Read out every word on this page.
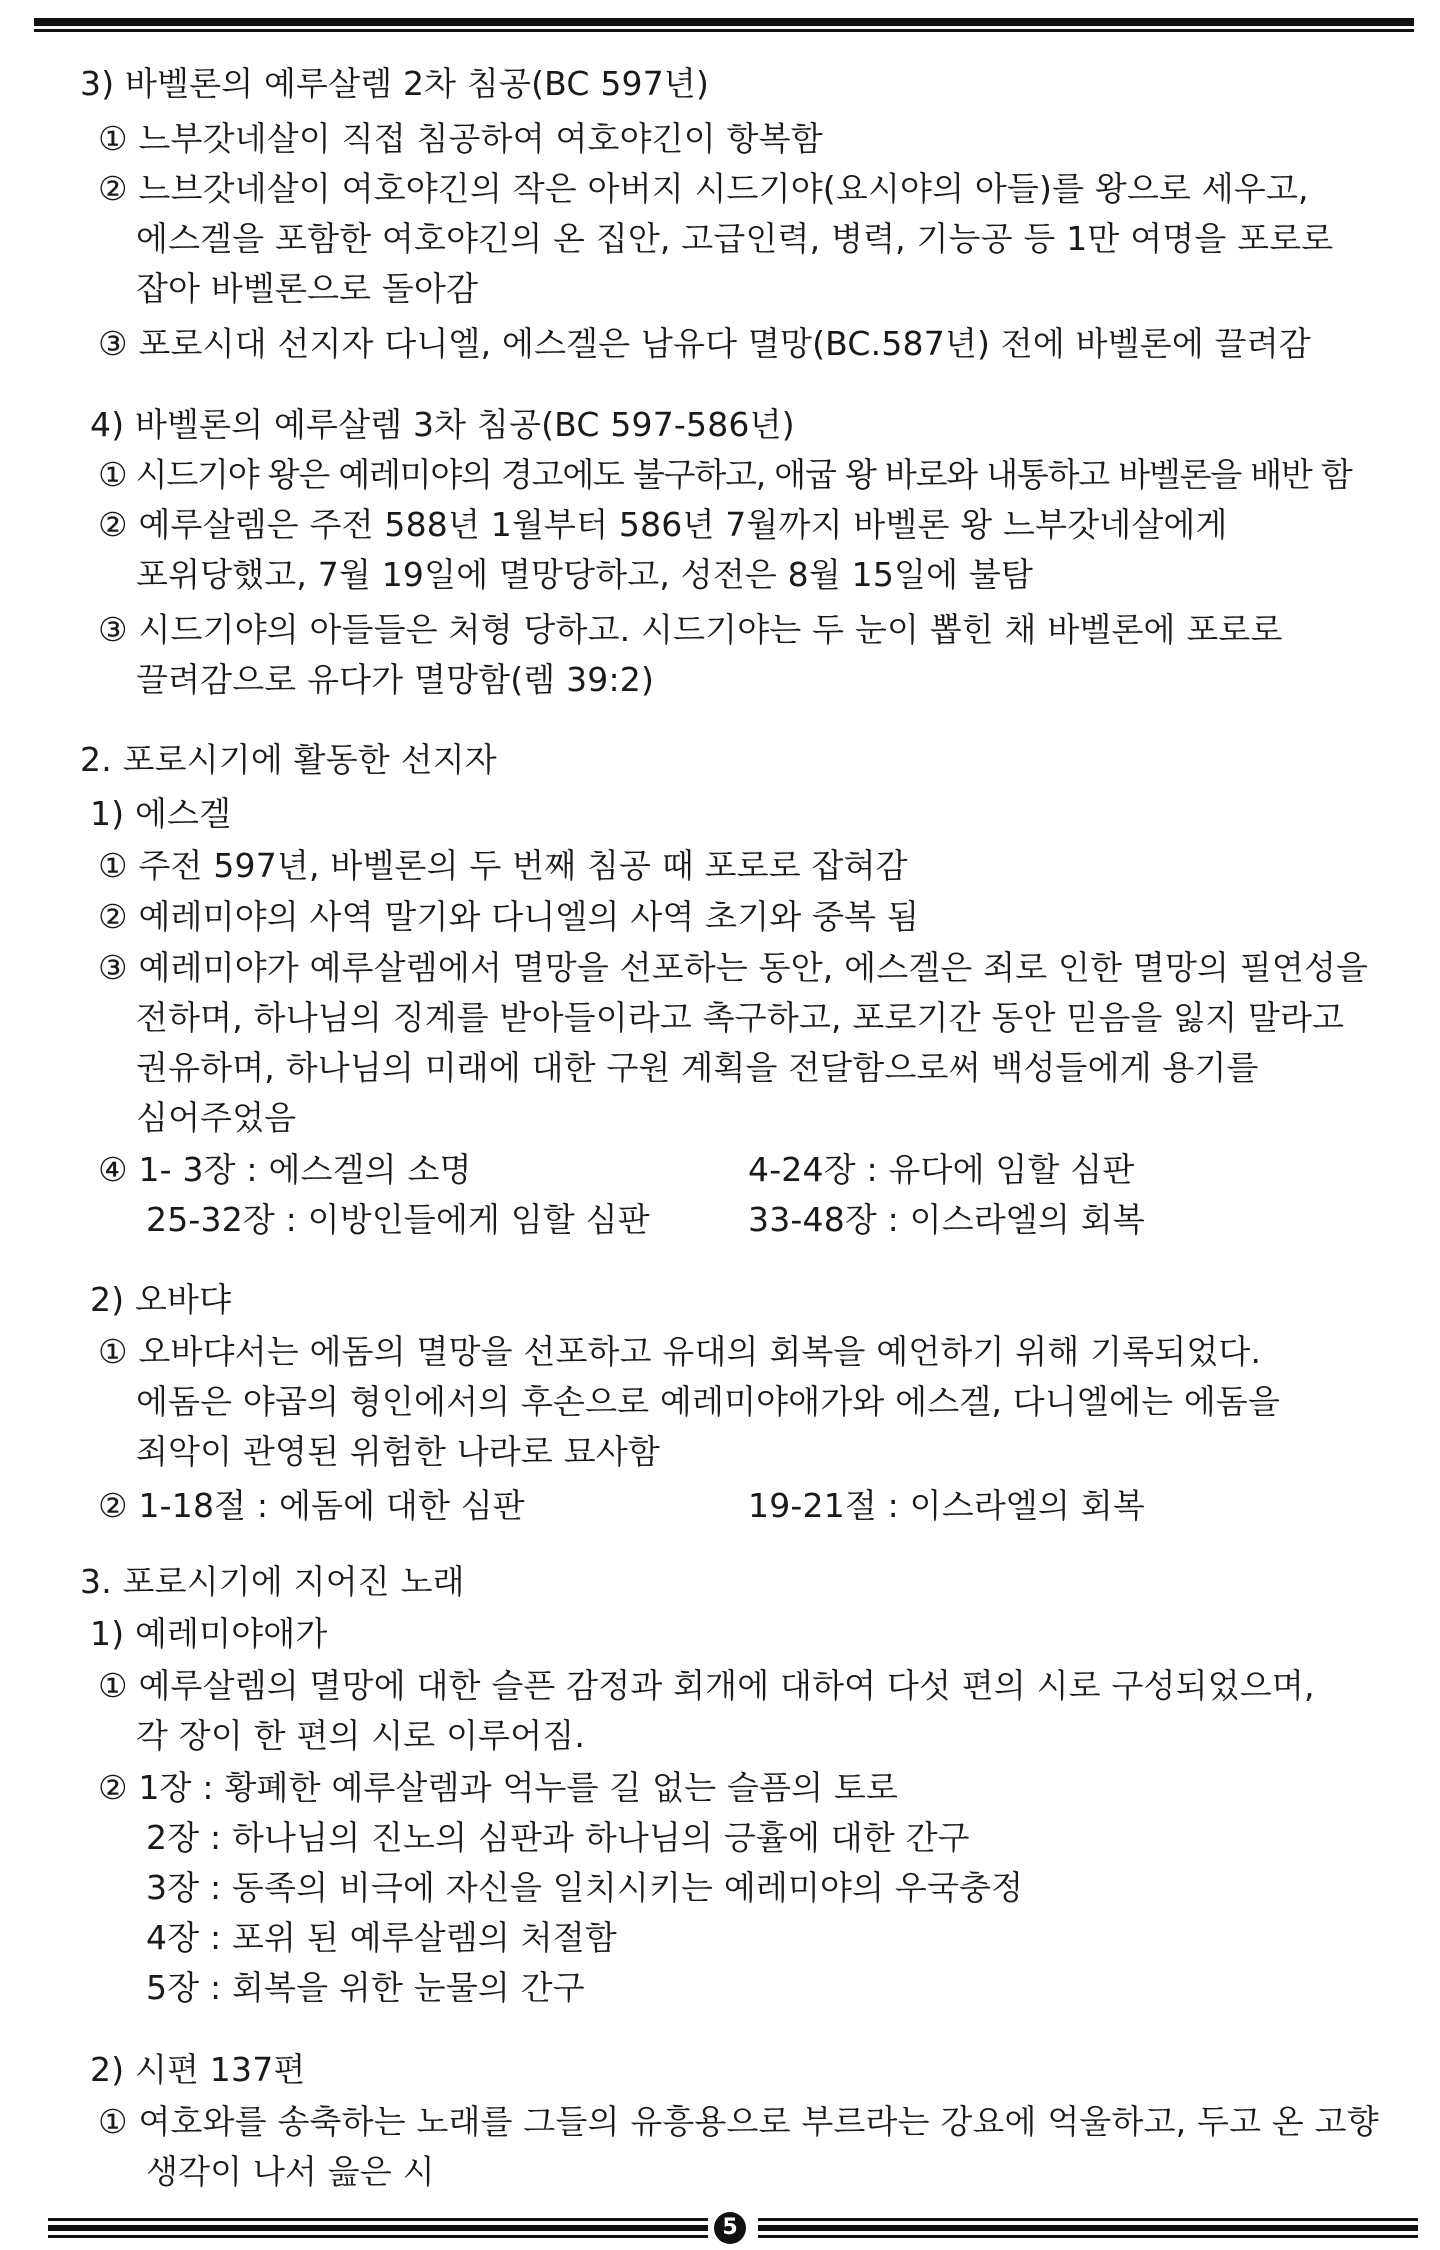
3) 바벨론의 예루살렘 2차 침공(BC 597년)
① 느부갓네살이 직접 침공하여 여호야긴이 항복함
② 느브갓네살이 여호야긴의 작은 아버지 시드기야(요시야의 아들)를 왕으로 세우고,
에스겔을 포함한 여호야긴의 온 집안, 고급인력, 병력, 기능공 등 1만 여명을 포로로
잡아 바벨론으로 돌아감
③ 포로시대 선지자 다니엘, 에스겔은 남유다 멸망(BC.587년) 전에 바벨론에 끌려감
4) 바벨론의 예루살렘 3차 침공(BC 597-586년)
① 시드기야 왕은 예레미야의 경고에도 불구하고, 애굽 왕 바로와 내통하고 바벨론을 배반 함
② 예루살렘은 주전 588년 1월부터 586년 7월까지 바벨론 왕 느부갓네살에게
포위당했고, 7월 19일에 멸망당하고, 성전은 8월 15일에 불탐
③ 시드기야의 아들들은 처형 당하고. 시드기야는 두 눈이 뽑힌 채 바벨론에 포로로
끌려감으로 유다가 멸망함(렘 39:2)
2. 포로시기에 활동한 선지자
1) 에스겔
① 주전 597년, 바벨론의 두 번째 침공 때 포로로 잡혀감
② 예레미야의 사역 말기와 다니엘의 사역 초기와 중복 됨
③ 예레미야가 예루살렘에서 멸망을 선포하는 동안, 에스겔은 죄로 인한 멸망의 필연성을
전하며, 하나님의 징계를 받아들이라고 촉구하고, 포로기간 동안 믿음을 잃지 말라고
권유하며, 하나님의 미래에 대한 구원 계획을 전달함으로써 백성들에게 용기를
심어주었음
④ 1- 3장 : 에스겔의 소명	4-24장 : 유다에 임할 심판
25-32장 : 이방인들에게 임할 심판	33-48장 : 이스라엘의 회복
2) 오바댜
① 오바댜서는 에돔의 멸망을 선포하고 유대의 회복을 예언하기 위해 기록되었다.
에돔은 야곱의 형인에서의 후손으로 예레미야애가와 에스겔, 다니엘에는 에돔을
죄악이 관영된 위험한 나라로 묘사함
② 1-18절 : 에돔에 대한 심판	19-21절 : 이스라엘의 회복
3. 포로시기에 지어진 노래
1) 예레미야애가
① 예루살렘의 멸망에 대한 슬픈 감정과 회개에 대하여 다섯 편의 시로 구성되었으며,
각 장이 한 편의 시로 이루어짐.
② 1장 : 황폐한 예루살렘과 억누를 길 없는 슬픔의 토로
2장 : 하나님의 진노의 심판과 하나님의 긍휼에 대한 간구
3장 : 동족의 비극에 자신을 일치시키는 예레미야의 우국충정
4장 : 포위 된 예루살렘의 처절함
5장 : 회복을 위한 눈물의 간구
2) 시편 137편
① 여호와를 송축하는 노래를 그들의 유흥용으로 부르라는 강요에 억울하고, 두고 온 고향
생각이 나서 읊은 시
5
